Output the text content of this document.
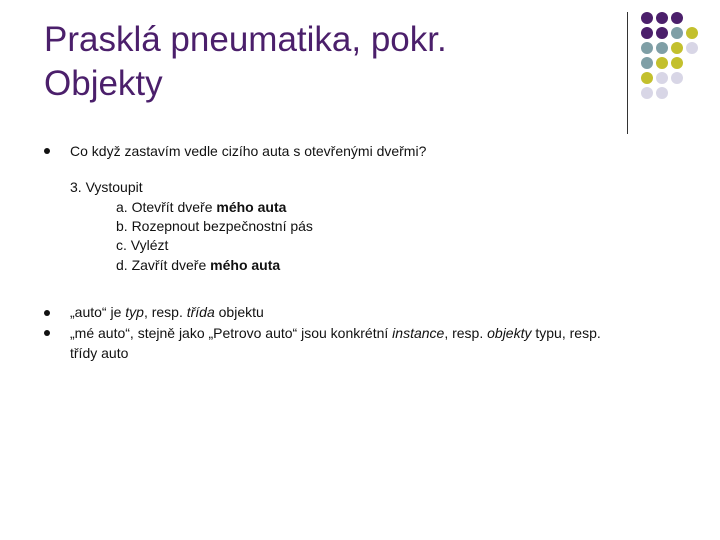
Prasklá pneumatika, pokr.
Objekty
Co když zastavím vedle cizího auta s otevřenými dveřmi?
3. Vystoupit
a. Otevřít dveře mého auta
b. Rozepnout bezpečnostní pás
c. Vylézt
d. Zavřít dveře mého auta
„auto“ je typ, resp. třída objektu
„mé auto“, stejně jako „Petrovo auto“ jsou konkrétní instance, resp. objekty typu, resp.
třídy auto
